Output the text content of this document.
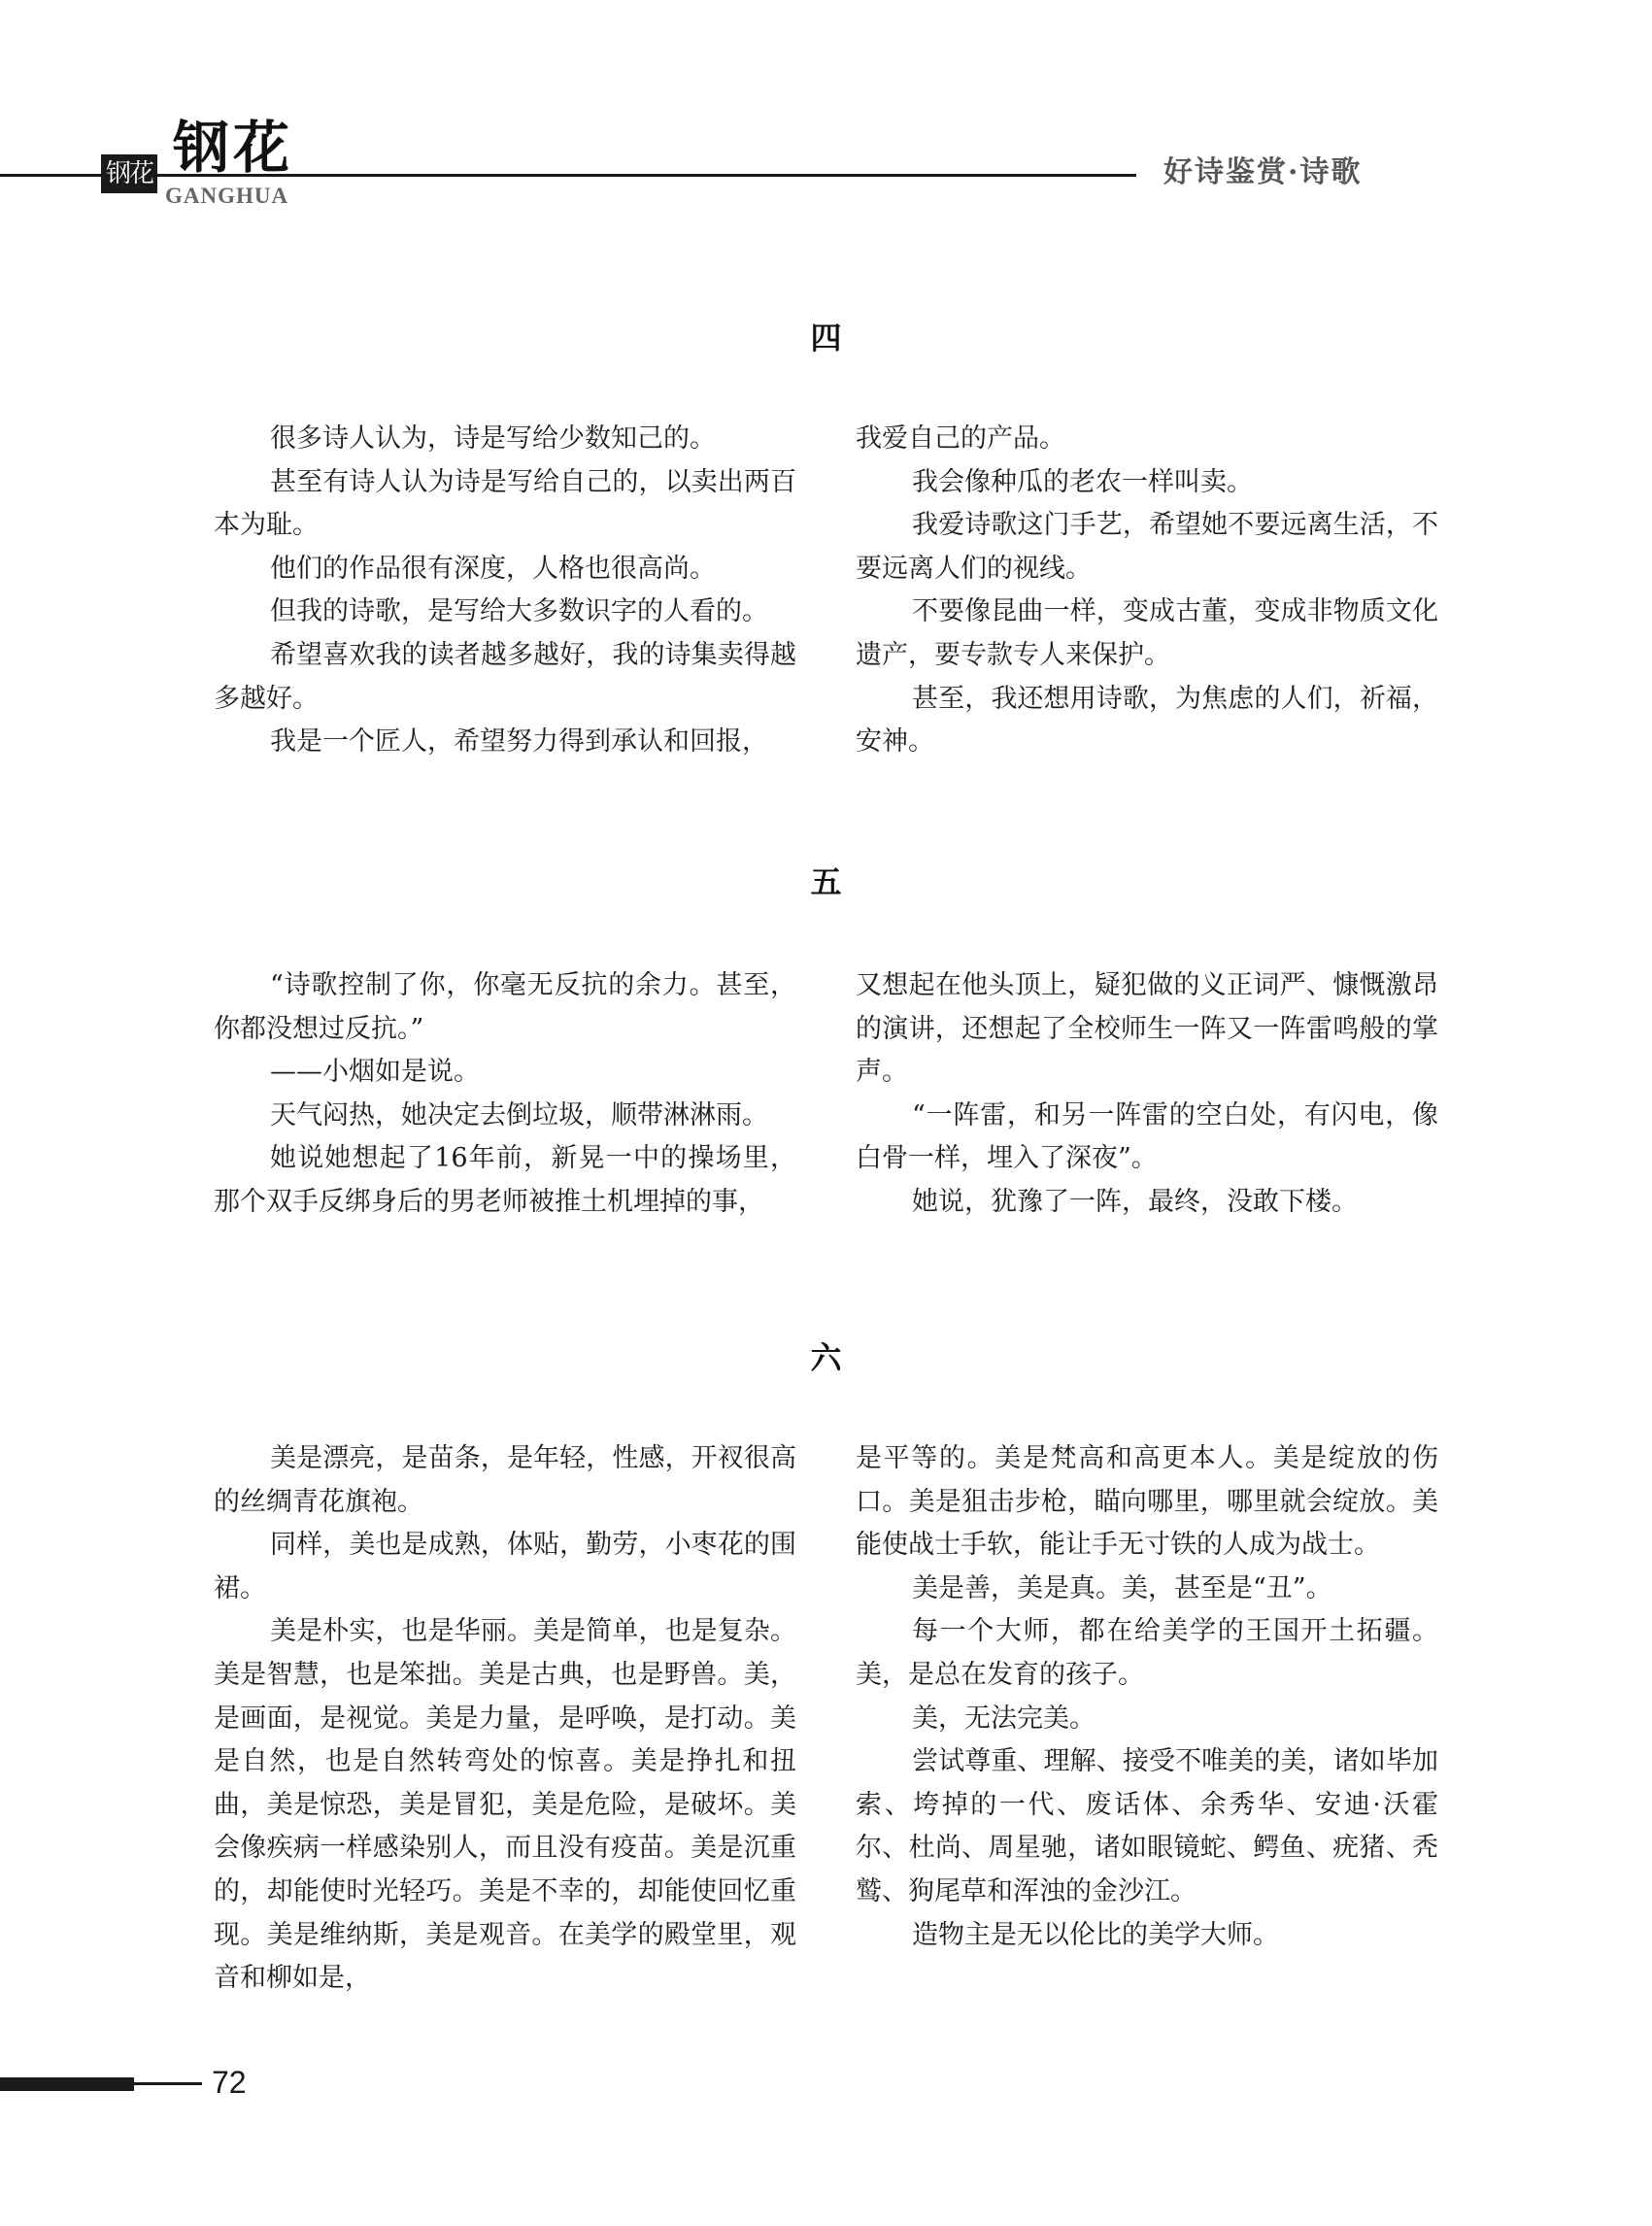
钢花 钢花
GANGHUA
好诗鉴赏·诗歌
四

很多诗人认为，诗是写给少数知己的。

甚至有诗人认为诗是写给自己的，以卖出两百本为耻。

他们的作品很有深度，人格也很高尚。

但我的诗歌，是写给大多数识字的人看的。

希望喜欢我的读者越多越好，我的诗集卖得越多越好。

我是一个匠人，希望努力得到承认和回报，

我爱自己的产品。

我会像种瓜的老农一样叫卖。

我爱诗歌这门手艺，希望她不要远离生活，不要远离人们的视线。

不要像昆曲一样，变成古董，变成非物质文化遗产，要专款专人来保护。

甚至，我还想用诗歌，为焦虑的人们，祈福，安神。

五

“诗歌控制了你，你毫无反抗的余力。甚至，你都没想过反抗。”

——小烟如是说。

天气闷热，她决定去倒垃圾，顺带淋淋雨。

她说她想起了16年前，新晃一中的操场里，那个双手反绑身后的男老师被推土机埋掉的事，

又想起在他头顶上，疑犯做的义正词严、慷慨激昂的演讲，还想起了全校师生一阵又一阵雷鸣般的掌声。

“一阵雷，和另一阵雷的空白处，有闪电，像白骨一样，埋入了深夜”。

她说，犹豫了一阵，最终，没敢下楼。

六

美是漂亮，是苗条，是年轻，性感，开衩很高的丝绸青花旗袍。

同样，美也是成熟，体贴，勤劳，小枣花的围裙。

美是朴实，也是华丽。美是简单，也是复杂。美是智慧，也是笨拙。美是古典，也是野兽。美，是画面，是视觉。美是力量，是呼唤，是打动。美是自然，也是自然转弯处的惊喜。美是挣扎和扭曲，美是惊恐，美是冒犯，美是危险，是破坏。美会像疾病一样感染别人，而且没有疫苗。美是沉重的，却能使时光轻巧。美是不幸的，却能使回忆重现。美是维纳斯，美是观音。在美学的殿堂里，观音和柳如是，

是平等的。美是梵高和高更本人。美是绽放的伤口。美是狙击步枪，瞄向哪里，哪里就会绽放。美能使战士手软，能让手无寸铁的人成为战士。

美是善，美是真。美，甚至是“丑”。

每一个大师，都在给美学的王国开土拓疆。美，是总在发育的孩子。

美，无法完美。

尝试尊重、理解、接受不唯美的美，诸如毕加索、垮掉的一代、废话体、余秀华、安迪·沃霍尔、杜尚、周星驰，诸如眼镜蛇、鳄鱼、疣猪、秃鹫、狗尾草和浑浊的金沙江。

造物主是无以伦比的美学大师。

72
